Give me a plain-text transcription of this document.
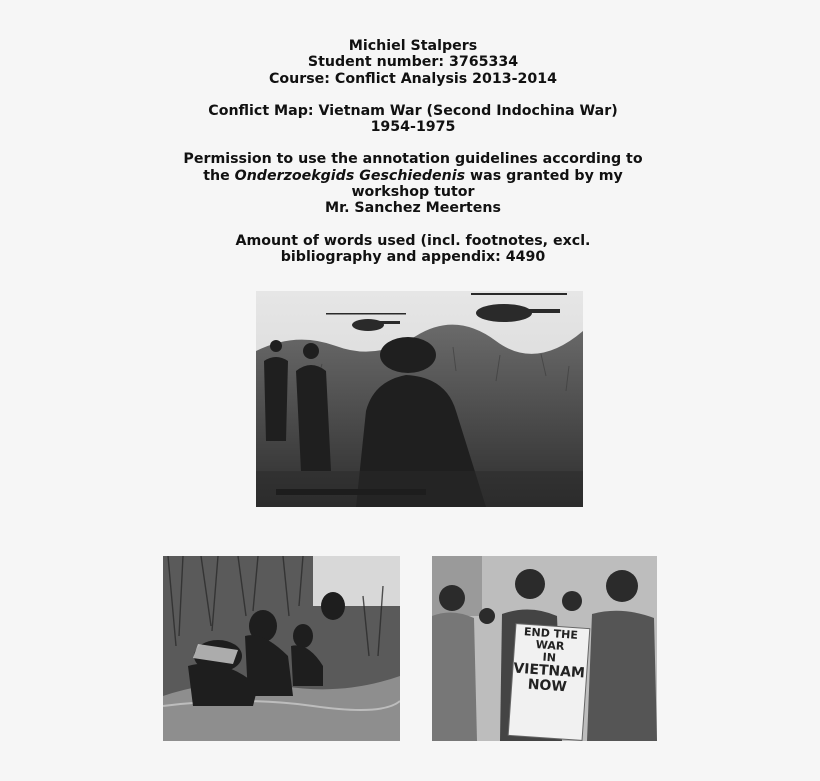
Michiel Stalpers
Student number: 3765334
Course: Conflict Analysis 2013-2014
Conflict Map: Vietnam War (Second Indochina War)
1954-1975
Permission to use the annotation guidelines according to
the Onderzoekgids Geschiedenis was granted by my
workshop tutor
Mr. Sanchez Meertens
Amount of words used (incl. footnotes, excl.
bibliography and appendix: 4490
END THE
WAR
IN
VIETNAM
NOW
